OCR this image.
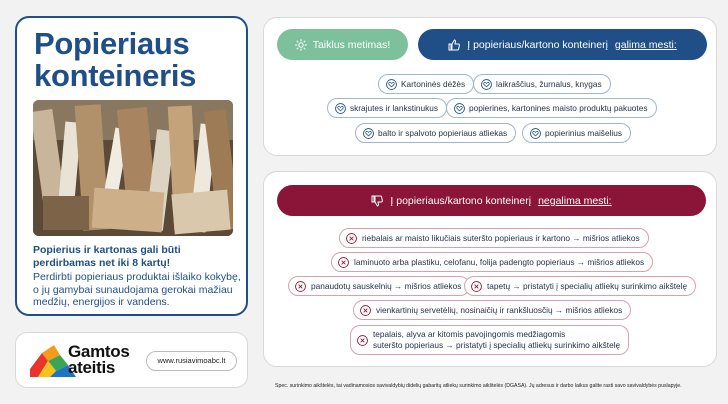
Popieriaus
konteineris
Popierius ir kartonas gali būti perdirbamas net iki 8 kartų!
Perdirbti popieriaus produktai išlaiko kokybę, o jų gamybai sunaudojama gerokai mažiau medžių, energijos ir vandens.
Gamtos
ateitis	www.rusiavimoabc.lt
Taiklus metimas!	Į popieriaus/kartono konteinerį galima mesti:
Kartoninės dėžės	laikraščius, žurnalus, knygas
skrajutes ir lankstinukus	popierines, kartonines maisto produktų pakuotes
balto ir spalvoto popieriaus atliekas	popierinius maišelius
Į popieriaus/kartono konteinerį negalima mesti:
riebalais ar maisto likučiais suteršto popieriaus ir kartono → mišrios atliekos
laminuoto arba plastiku, celofanu, folija padengto popieriaus → mišrios atliekos
panaudotų sauskelnių → mišrios atliekos	tapetų → pristatyti į specialių atliekų surinkimo aikštelę
vienkartinių servetėlių, nosinaičių ir rankšluosčių → mišrios atliekos
tepalais, alyva ar kitomis pavojingomis medžiagomis
suteršto popieriaus → pristatyti į specialių atliekų surinkimo aikštelę
Spec. surinkimo aikštelės, tai vadinamosios savivaldybių didelių gabaritų atliekų surinkimo aikštelės (DGASA). Jų adresus ir darbo laikus galite rasti savo savivaldybės puslapyje.
